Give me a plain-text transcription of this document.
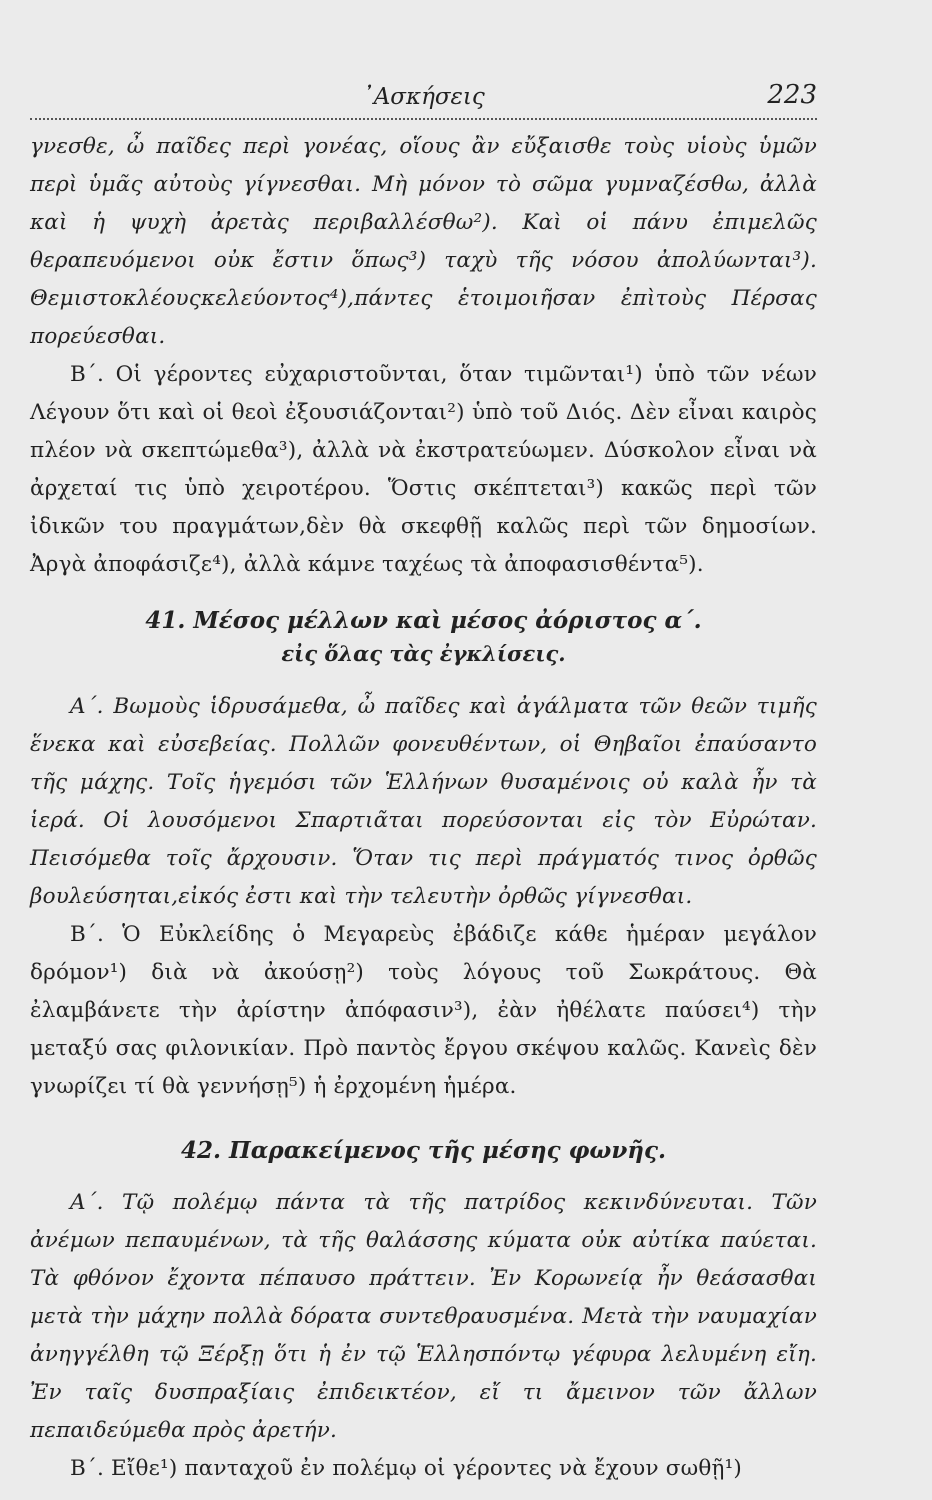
᾽Ασκήσεις	223

γνεσθε, ὦ παῖδες περὶ γονέας, οἵους ἂν εὔξαισθε τοὺς υἱοὺς ὑμῶν περὶ ὑμᾶς αὐτοὺς γίγνεσθαι. Μὴ μόνον τὸ σῶμα γυμναζέσθω, ἀλλὰ καὶ ἡ ψυχὴ ἀρετὰς περιβαλλέσθω²). Καὶ οἱ πάνυ ἐπιμελῶς θεραπευόμενοι οὐκ ἔστιν ὅπως³) ταχὺ τῆς νόσου ἀπολύωνται³). Θεμιστοκλέουςκελεύοντος⁴),πάντες ἑτοιμοιῆσαν ἐπὶτοὺς Πέρσας πορεύεσθαι.

Β΄. Οἱ γέροντες εὐχαριστοῦνται, ὅταν τιμῶνται¹) ὑπὸ τῶν νέων Λέγουν ὅτι καὶ οἱ θεοὶ ἐξουσιάζονται²) ὑπὸ τοῦ Διός. Δὲν εἶναι καιρὸς πλέον νὰ σκεπτώμεθα³), ἀλλὰ νὰ ἐκστρατεύωμεν. Δύσκολον εἶναι νὰ ἀρχεταί τις ὑπὸ χειροτέρου. Ὅστις σκέπτεται³) κακῶς περὶ τῶν ἰδικῶν του πραγμάτων,δὲν θὰ σκεφθῇ καλῶς περὶ τῶν δημοσίων. Ἀργὰ ἀποφάσιζε⁴), ἀλλὰ κάμνε ταχέως τὰ ἀποφασισθέντα⁵).

41. Μέσος μέλλων καὶ μέσος ἀόριστος α΄.
εἰς ὅλας τὰς ἐγκλίσεις.

Α΄. Βωμοὺς ἱδρυσάμεθα, ὦ παῖδες καὶ ἀγάλματα τῶν θεῶν τιμῆς ἕνεκα καὶ εὐσεβείας. Πολλῶν φονευθέντων, οἱ Θηβαῖοι ἐπαύσαντο τῆς μάχης. Τοῖς ἡγεμόσι τῶν Ἑλλήνων θυσαμένοις οὐ καλὰ ἦν τὰ ἱερά. Οἱ λουσόμενοι Σπαρτιᾶται πορεύσονται εἰς τὸν Εὐρώταν. Πεισόμεθα τοῖς ἄρχουσιν. Ὅταν τις περὶ πράγματός τινος ὀρθῶς βουλεύσηται,εἰκός ἐστι καὶ τὴν τελευτὴν ὀρθῶς γίγνεσθαι.

Β΄. Ὁ Εὐκλείδης ὁ Μεγαρεὺς ἐβάδιζε κάθε ἡμέραν μεγάλον δρόμον¹) διὰ νὰ ἀκούσῃ²) τοὺς λόγους τοῦ Σωκράτους. Θὰ ἐλαμβάνετε τὴν ἀρίστην ἀπόφασιν³), ἐὰν ἠθέλατε παύσει⁴) τὴν μεταξύ σας φιλονικίαν. Πρὸ παντὸς ἔργου σκέψου καλῶς. Κανεὶς δὲν γνωρίζει τί θὰ γεννήσῃ⁵) ἡ ἐρχομένη ἡμέρα.

42. Παρακείμενος τῆς μέσης φωνῆς.

Α΄. Τῷ πολέμῳ πάντα τὰ τῆς πατρίδος κεκινδύνευται. Τῶν ἀνέμων πεπαυμένων, τὰ τῆς θαλάσσης κύματα οὐκ αὐτίκα παύεται. Τὰ φθόνον ἔχοντα πέπαυσο πράττειν. Ἐν Κορωνείᾳ ἦν θεάσασθαι μετὰ τὴν μάχην πολλὰ δόρατα συντεθραυσμένα. Μετὰ τὴν ναυμαχίαν ἀνηγγέλθη τῷ Ξέρξῃ ὅτι ἡ ἐν τῷ Ἑλλησπόντῳ γέφυρα λελυμένη εἴη. Ἐν ταῖς δυσπραξίαις ἐπιδεικτέον, εἴ τι ἄμεινον τῶν ἄλλων πεπαιδεύμεθα πρὸς ἀρετήν.

Β΄. Εἴθε¹) πανταχοῦ ἐν πολέμῳ οἱ γέροντες νὰ ἔχουν σωθῇ¹)
